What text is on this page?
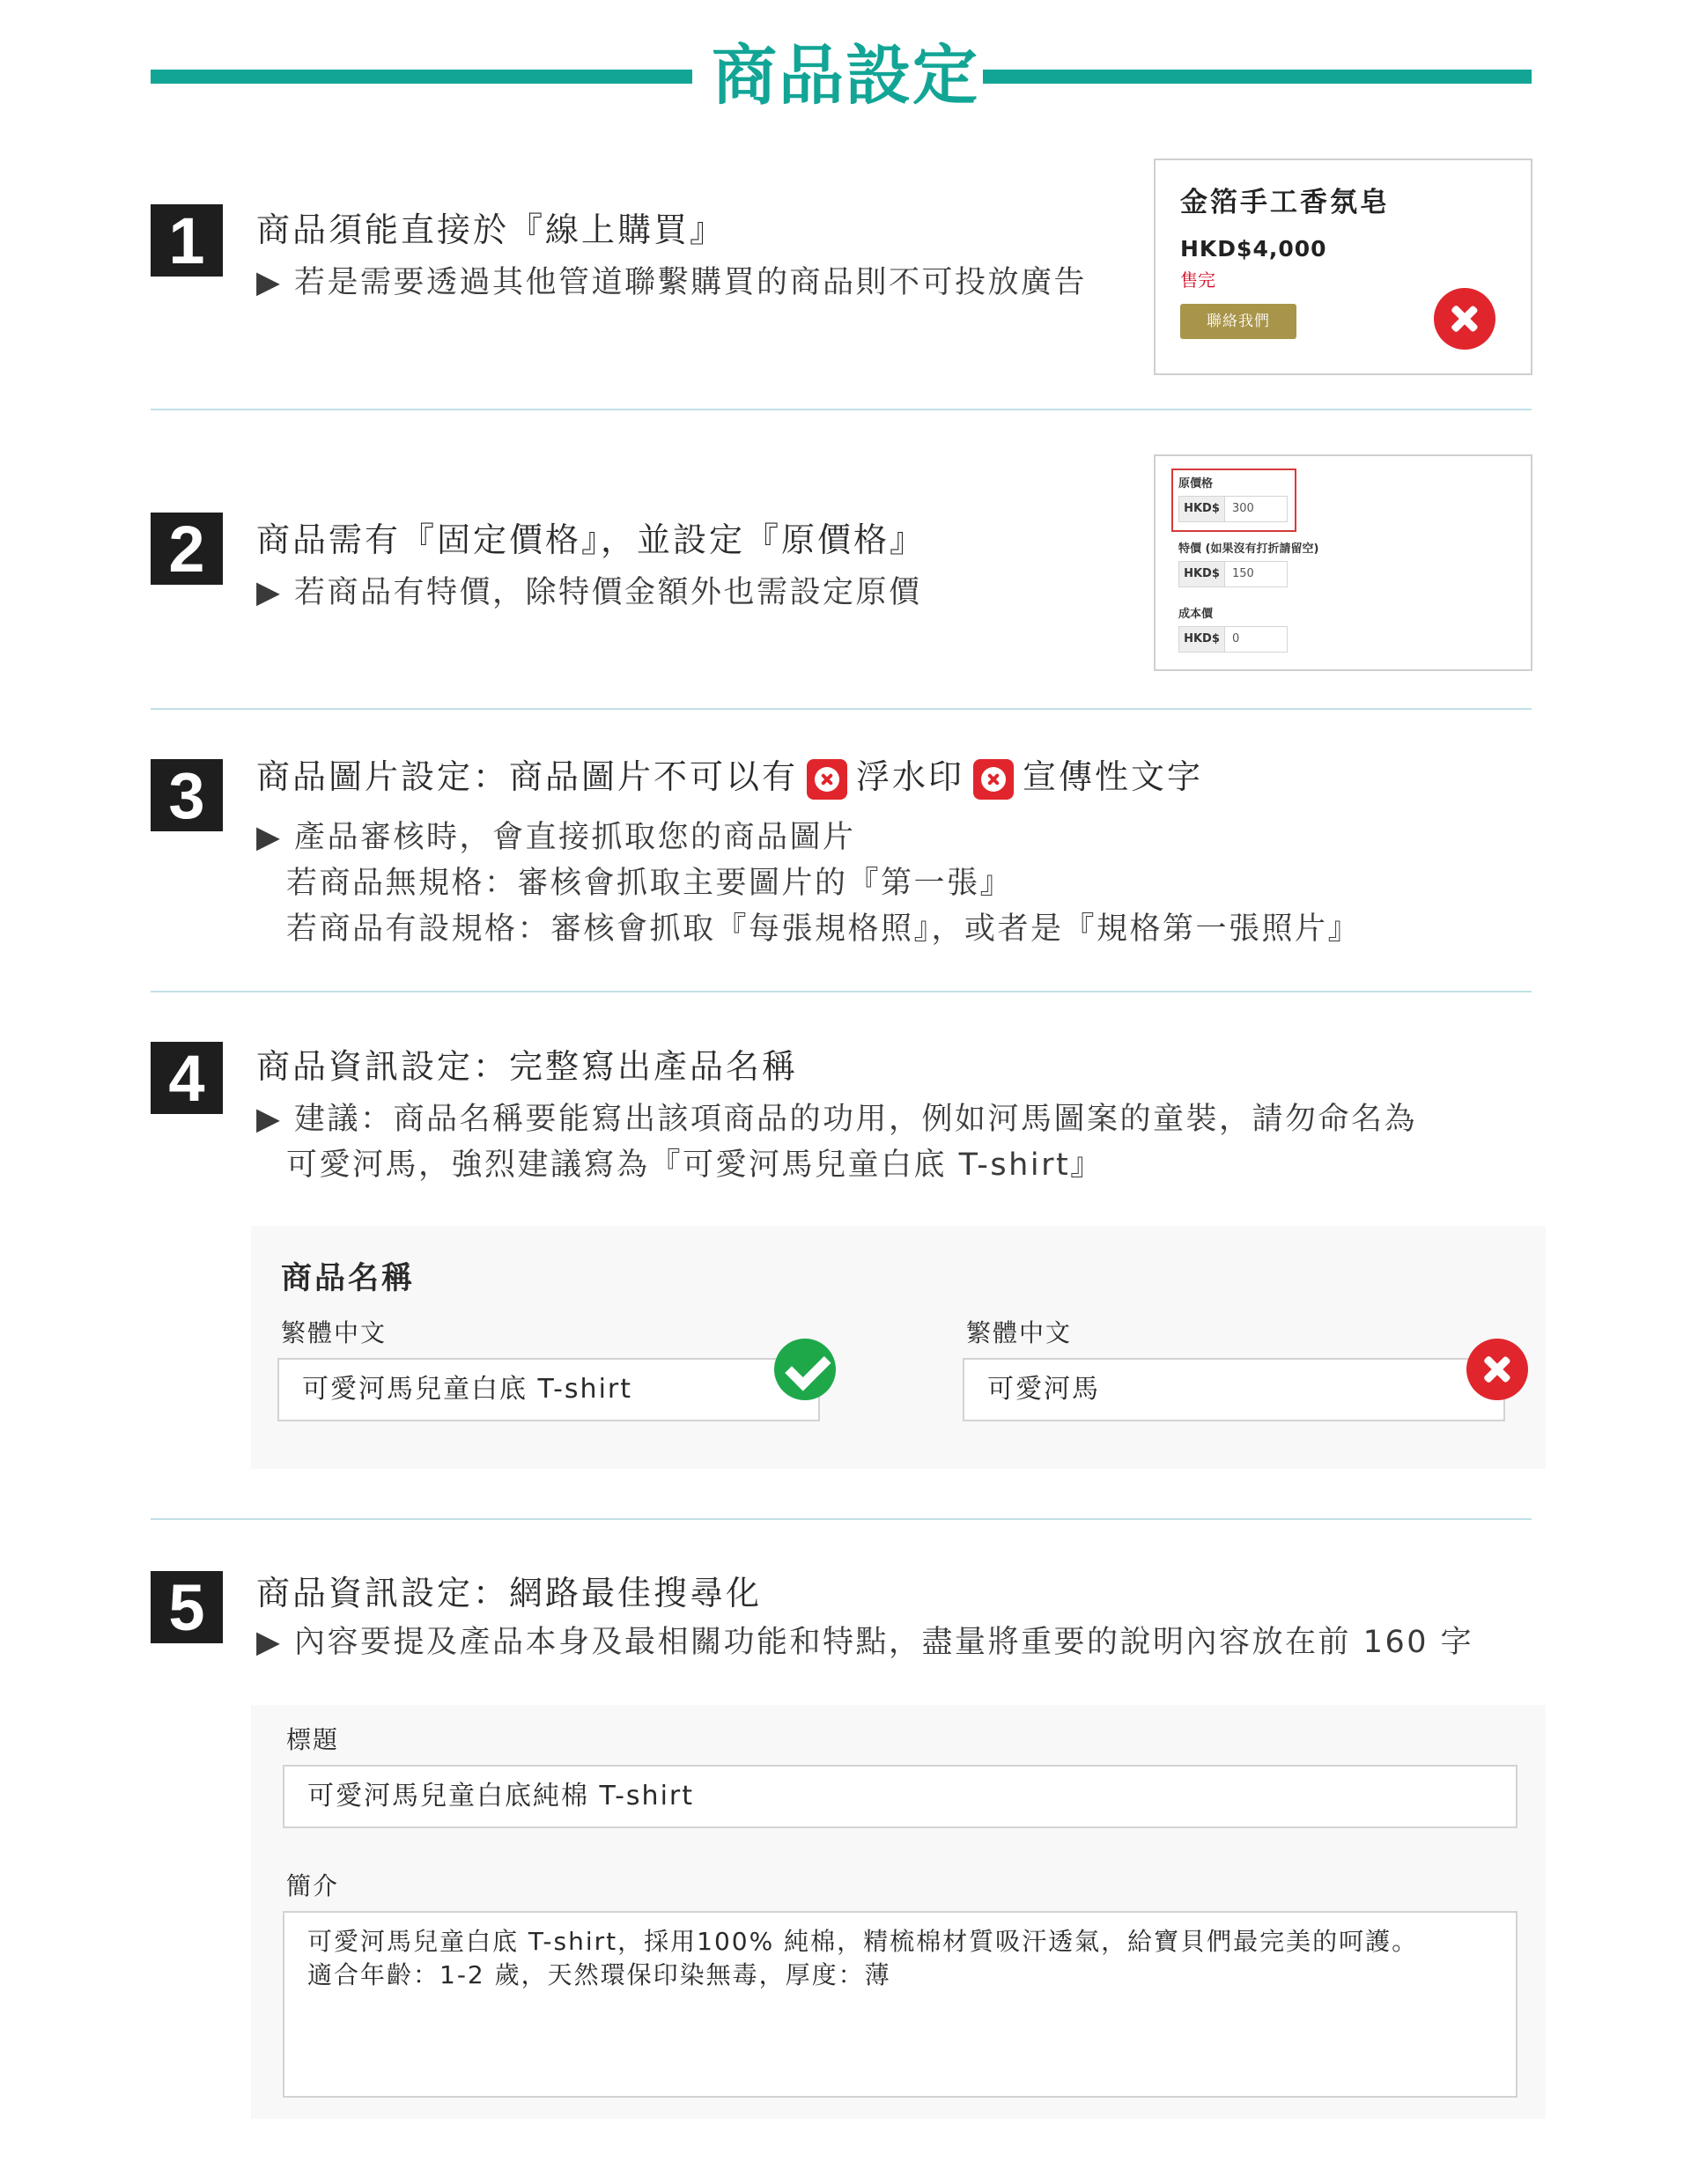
商品設定
1	商品須能直接於『線上購買』
▶ 若是需要透過其他管道聯繫購買的商品則不可投放廣告
金箔手工香氛皂
HKD$4,000
售完
聯絡我們
2	商品需有『固定價格』，並設定『原價格』
▶ 若商品有特價，除特價金額外也需設定原價
原價格
HKD$	300
特價 (如果沒有打折請留空)
HKD$	150
成本價
HKD$	0
3	商品圖片設定：商品圖片不可以有 浮水印 宣傳性文字
▶ 產品審核時，會直接抓取您的商品圖片
若商品無規格：審核會抓取主要圖片的『第一張』
若商品有設規格：審核會抓取『每張規格照』，或者是『規格第一張照片』
4	商品資訊設定：完整寫出產品名稱
▶ 建議：商品名稱要能寫出該項商品的功用，例如河馬圖案的童裝，請勿命名為
可愛河馬，強烈建議寫為『可愛河馬兒童白底 T-shirt』
商品名稱
繁體中文
可愛河馬兒童白底 T-shirt
繁體中文
可愛河馬
5	商品資訊設定：網路最佳搜尋化
▶ 內容要提及產品本身及最相關功能和特點，盡量將重要的說明內容放在前 160 字
標題
可愛河馬兒童白底純棉 T-shirt
簡介
可愛河馬兒童白底 T-shirt，採用100% 純棉，精梳棉材質吸汗透氣，給寶貝們最完美的呵護。
適合年齡：1-2 歲，天然環保印染無毒，厚度：薄
